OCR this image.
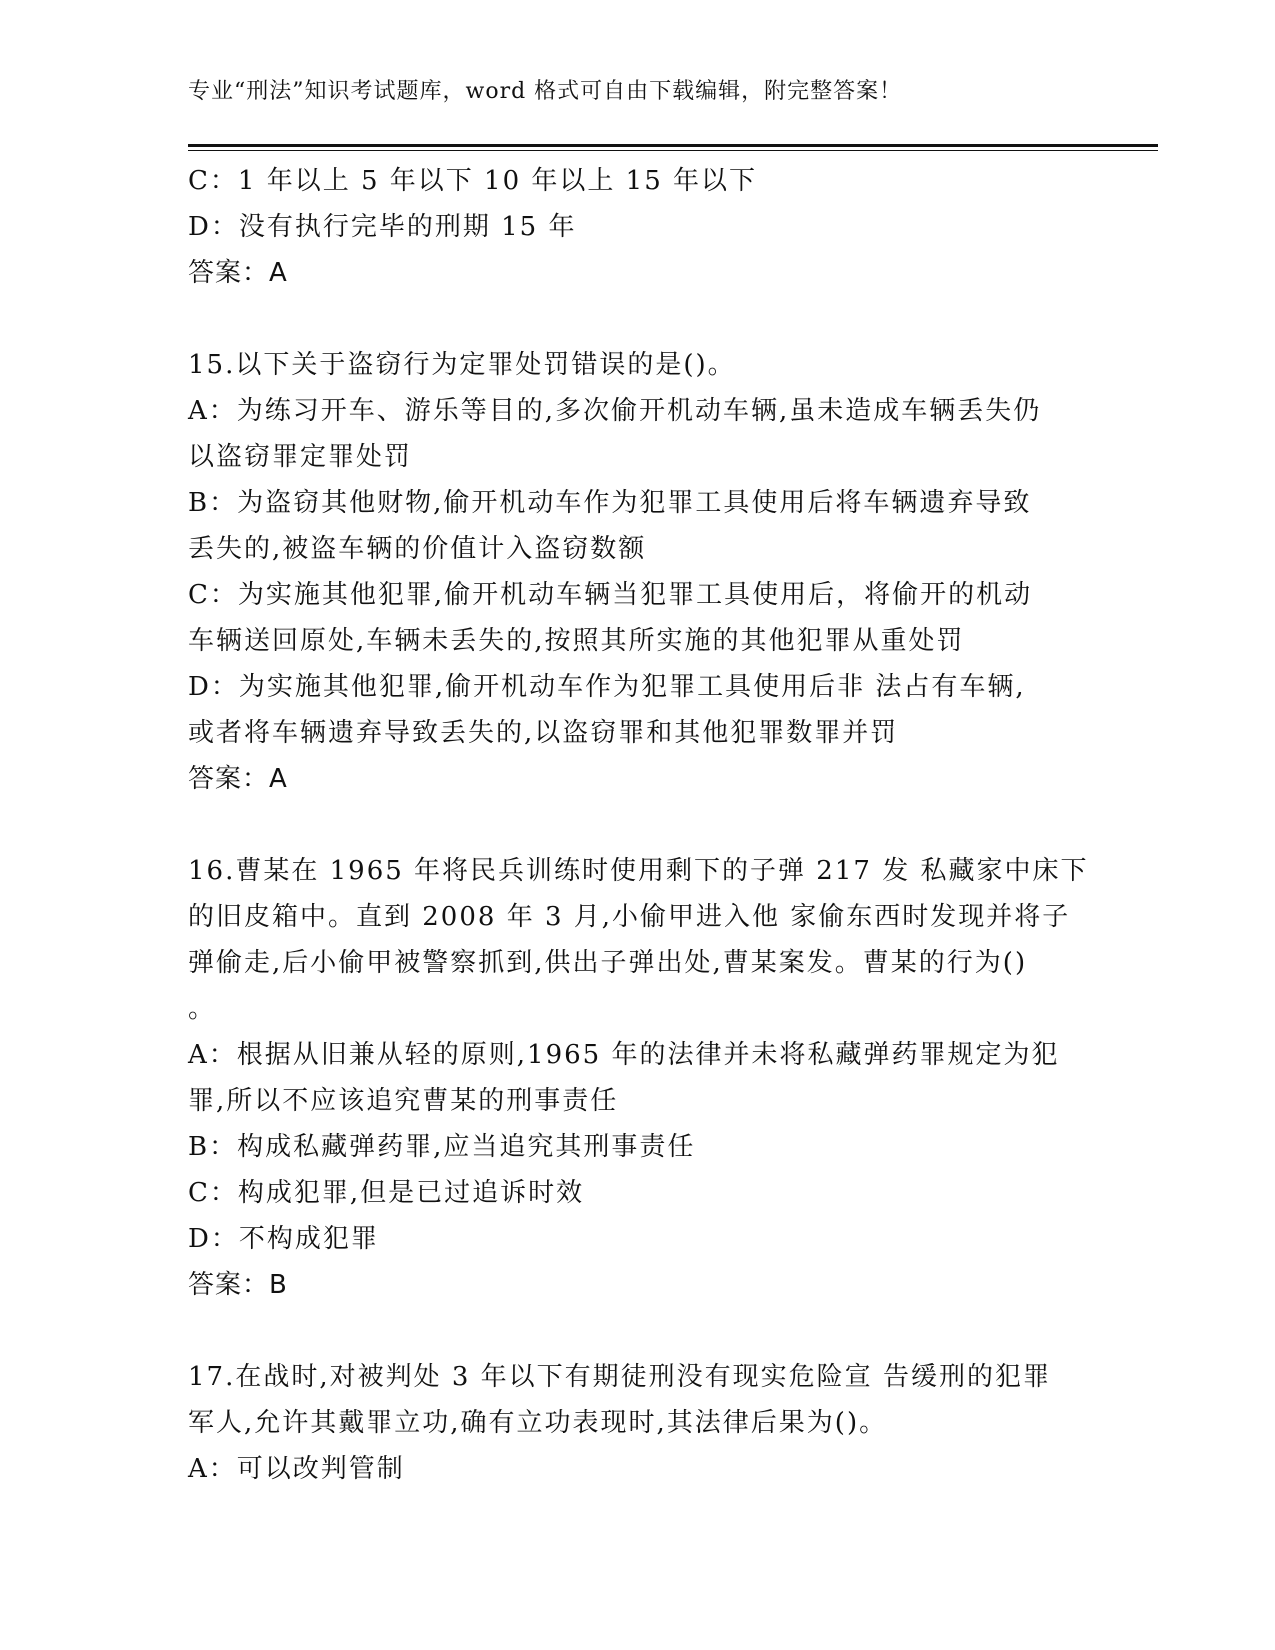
专业“刑法”知识考试题库，word 格式可自由下载编辑，附完整答案！
C：1 年以上 5 年以下 10 年以上 15 年以下
D：没有执行完毕的刑期 15 年
答案：A
15.以下关于盗窃行为定罪处罚错误的是()。
A：为练习开车、游乐等目的,多次偷开机动车辆,虽未造成车辆丢失仍
以盗窃罪定罪处罚
B：为盗窃其他财物,偷开机动车作为犯罪工具使用后将车辆遗弃导致
丢失的,被盗车辆的价值计入盗窃数额
C：为实施其他犯罪,偷开机动车辆当犯罪工具使用后，将偷开的机动
车辆送回原处,车辆未丢失的,按照其所实施的其他犯罪从重处罚
D：为实施其他犯罪,偷开机动车作为犯罪工具使用后非 法占有车辆,
或者将车辆遗弃导致丢失的,以盗窃罪和其他犯罪数罪并罚
答案：A
16.曹某在 1965 年将民兵训练时使用剩下的子弹 217 发 私藏家中床下
的旧皮箱中。直到 2008 年 3 月,小偷甲进入他 家偷东西时发现并将子
弹偷走,后小偷甲被警察抓到,供出子弹出处,曹某案发。曹某的行为()
。
A：根据从旧兼从轻的原则,1965 年的法律并未将私藏弹药罪规定为犯
罪,所以不应该追究曹某的刑事责任
B：构成私藏弹药罪,应当追究其刑事责任
C：构成犯罪,但是已过追诉时效
D：不构成犯罪
答案：B
17.在战时,对被判处 3 年以下有期徒刑没有现实危险宣 告缓刑的犯罪
军人,允许其戴罪立功,确有立功表现时,其法律后果为()。
A：可以改判管制
